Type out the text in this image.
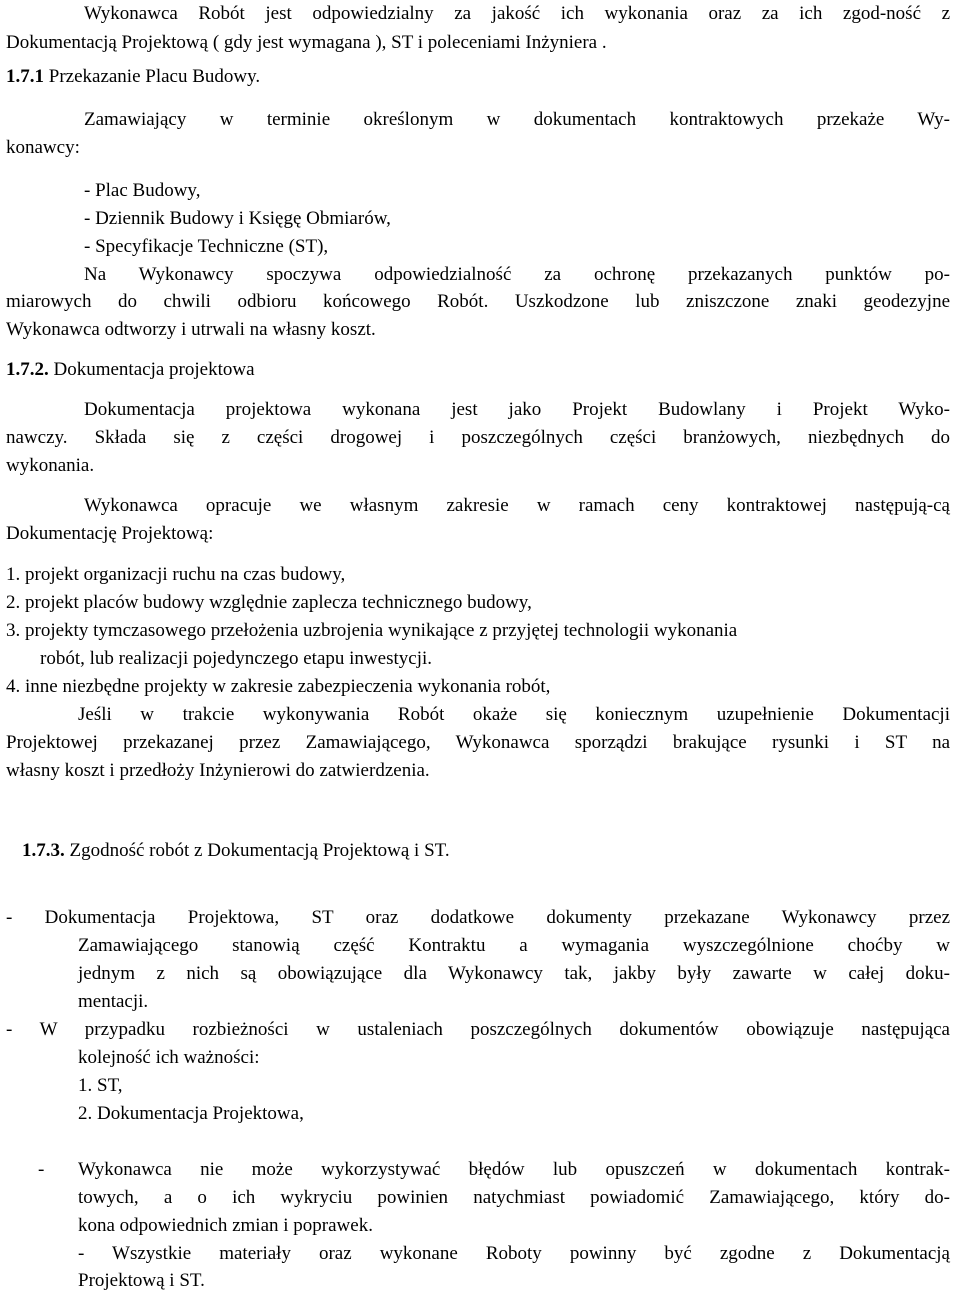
Wykonawca Robót jest odpowiedzialny za jakość ich wykonania oraz za ich zgod-ność z
Dokumentacją Projektową ( gdy jest wymagana ), ST i poleceniami Inżyniera .
1.7.1 Przekazanie Placu Budowy.
Zamawiający w terminie określonym w dokumentach kontraktowych przekaże Wy-
konawcy:
- Plac Budowy,
- Dziennik Budowy i Księgę Obmiarów,
- Specyfikacje Techniczne (ST),
Na Wykonawcy spoczywa odpowiedzialność za ochronę przekazanych punktów po-
miarowych do chwili odbioru końcowego Robót. Uszkodzone lub zniszczone znaki geodezyjne
Wykonawca odtworzy i utrwali na własny koszt.
1.7.2. Dokumentacja projektowa
Dokumentacja projektowa wykonana jest jako Projekt Budowlany i Projekt Wyko-
nawczy. Składa się z części drogowej i poszczególnych części branżowych, niezbędnych do
wykonania.
Wykonawca opracuje we własnym zakresie w ramach ceny kontraktowej następują-cą
Dokumentację Projektową:
1. projekt organizacji ruchu na czas budowy,
2. projekt placów budowy względnie zaplecza technicznego budowy,
3. projekty tymczasowego przełożenia uzbrojenia wynikające z przyjętej technologii wykonania
robót, lub realizacji pojedynczego etapu inwestycji.
4. inne niezbędne projekty w zakresie zabezpieczenia wykonania robót,
Jeśli w trakcie wykonywania Robót okaże się koniecznym uzupełnienie Dokumentacji
Projektowej przekazanej przez Zamawiającego, Wykonawca sporządzi brakujące rysunki i ST na
własny koszt i przedłoży Inżynierowi do zatwierdzenia.
1.7.3. Zgodność robót z Dokumentacją Projektową i ST.
- Dokumentacja Projektowa, ST oraz dodatkowe dokumenty przekazane Wykonawcy przez
Zamawiającego stanowią część Kontraktu a wymagania wyszczególnione choćby w
jednym z nich są obowiązujące dla Wykonawcy tak, jakby były zawarte w całej doku-
mentacji.
- W przypadku rozbieżności w ustaleniach poszczególnych dokumentów obowiązuje następująca
kolejność ich ważności:
1. ST,
2. Dokumentacja Projektowa,
- Wykonawca nie może wykorzystywać błędów lub opuszczeń w dokumentach kontrak-
towych, a o ich wykryciu powinien natychmiast powiadomić Zamawiającego, który do-
kona odpowiednich zmian i poprawek.
- Wszystkie materiały oraz wykonane Roboty powinny być zgodne z Dokumentacją
Projektową i ST.
